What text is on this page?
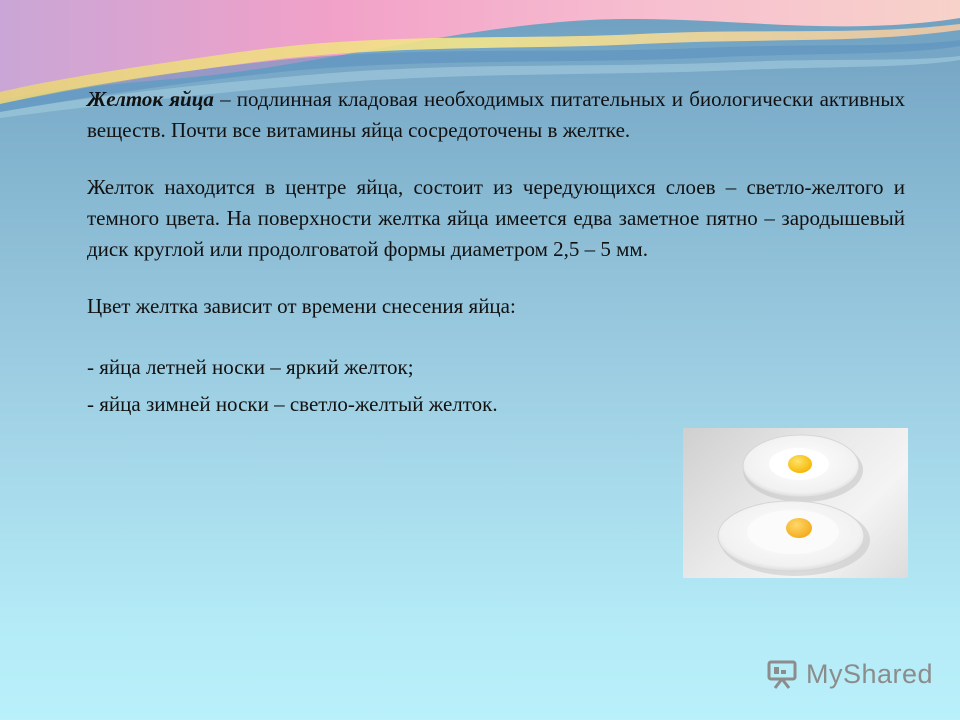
Желток яйца – подлинная кладовая необходимых питательных и биологически активных веществ. Почти все витамины яйца сосредоточены в желтке.

Желток находится в центре яйца, состоит из чередующихся слоев – светло-желтого и темного цвета. На поверхности желтка яйца имеется едва заметное пятно – зародышевый диск круглой или продолговатой формы диаметром 2,5 – 5 мм.

Цвет желтка зависит от времени снесения яйца:

- яйца летней носки – яркий желток;

- яйца зимней носки – светло-желтый желток.

MyShared
